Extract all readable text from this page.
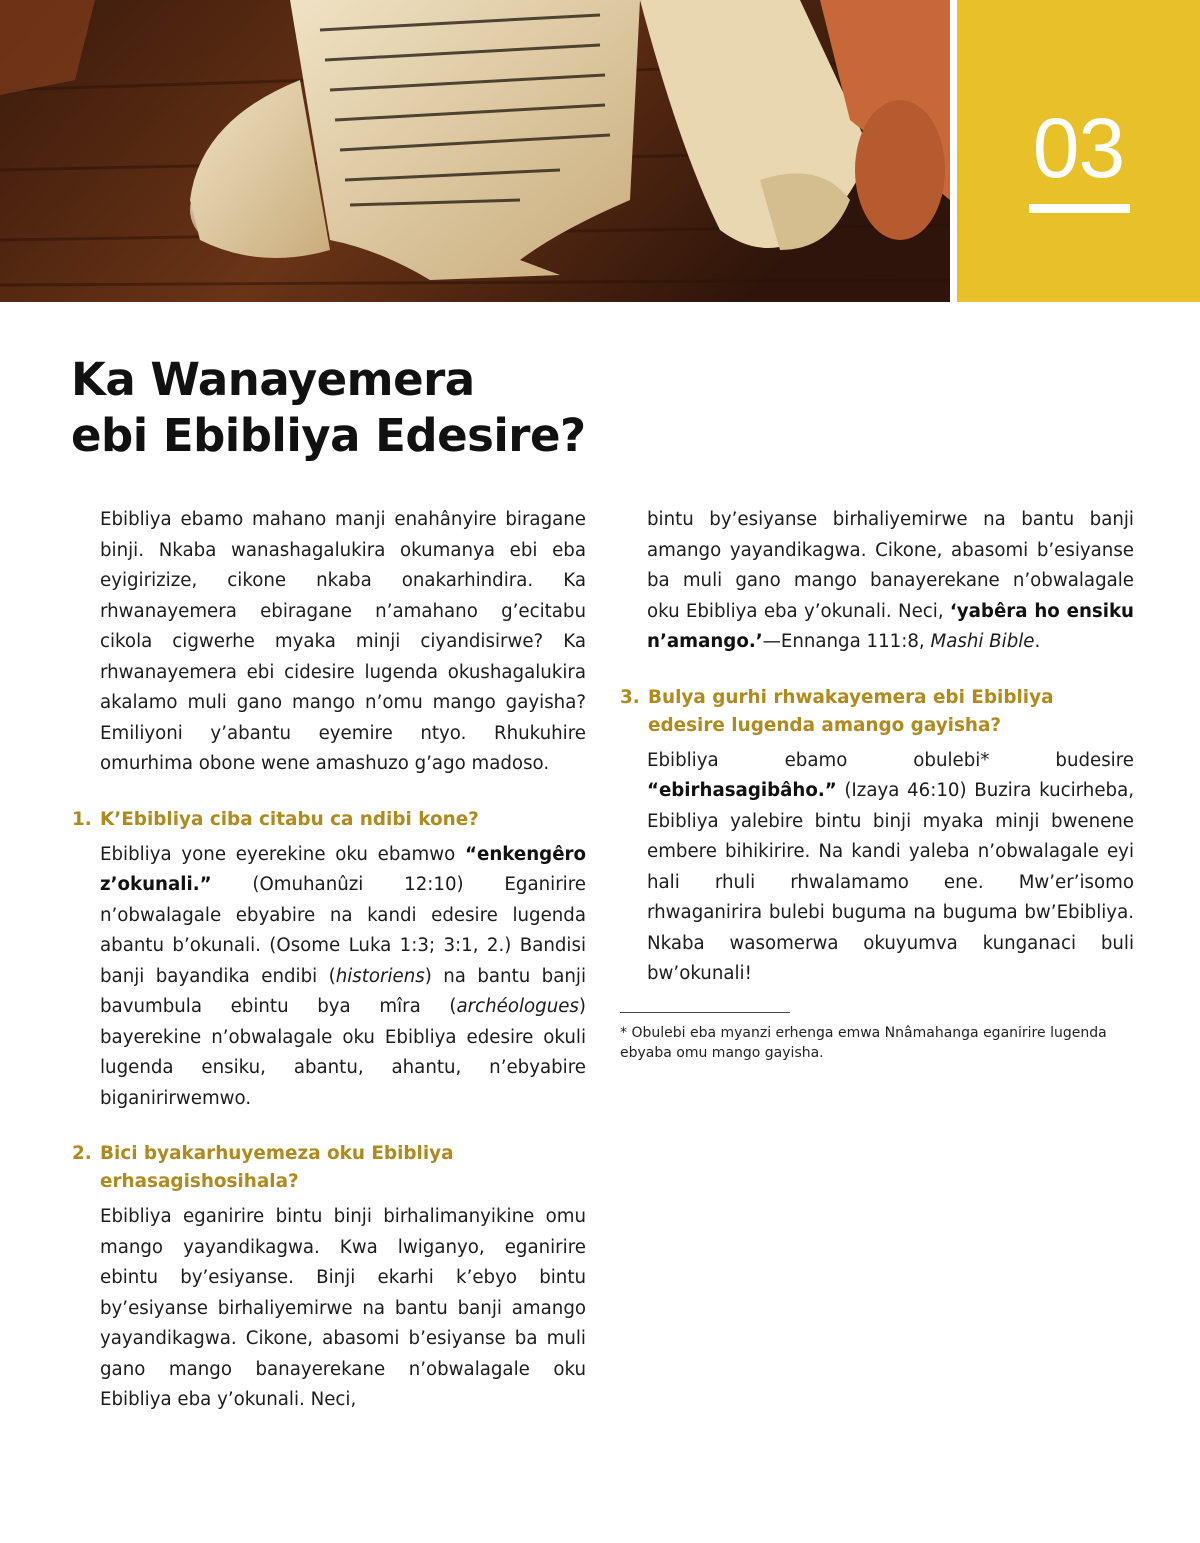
03
Ka Wanayemera
ebi Ebibliya Edesire?

Ebibliya ebamo mahano manji enahânyire biragane binji. Nkaba wanashagalukira okumanya ebi eba eyigirizize, cikone nkaba onakarhindira. Ka rhwanayemera ebiragane n’amahano g’ecitabu cikola cigwerhe myaka minji ciyandisirwe? Ka rhwanayemera ebi cidesire lugenda okushagalukira akalamo muli gano mango n’omu mango gayisha? Emiliyoni y’abantu eyemire ntyo. Rhukuhire omurhima obone wene amashuzo g’ago madoso.

1. K’Ebibliya ciba citabu ca ndibi kone?

Ebibliya yone eyerekine oku ebamwo “enkengêro z’okunali.” (Omuhanûzi 12:10) Eganirire n’obwalagale ebyabire na kandi edesire lugenda abantu b’okunali. (Osome Luka 1:3; 3:1, 2.) Bandisi banji bayandika endibi (historiens) na bantu banji bavumbula ebintu bya mîra (archéologues) bayerekine n’obwalagale oku Ebibliya edesire okuli lugenda ensiku, abantu, ahantu, n’ebyabire biganirirwemwo.

2. Bici byakarhuyemeza oku Ebibliya erhasagishosihala?

Ebibliya eganirire bintu binji birhalimanyikine omu mango yayandikagwa. Kwa lwiganyo, eganirire ebintu by’esiyanse. Binji ekarhi k’ebyo bintu by’esiyanse birhaliyemirwe na bantu banji amango yayandikagwa. Cikone, abasomi b’esiyanse ba muli gano mango banayerekane n’obwalagale oku Ebibliya eba y’okunali. Neci,

bintu by’esiyanse birhaliyemirwe na bantu banji amango yayandikagwa. Cikone, abasomi b’esiyanse ba muli gano mango banayerekane n’obwalagale oku Ebibliya eba y’okunali. Neci, ‘yabêra ho ensiku n’amango.’—Ennanga 111:8, Mashi Bible.

3. Bulya gurhi rhwakayemera ebi Ebibliya edesire lugenda amango gayisha?

Ebibliya ebamo obulebi* budesire “ebirhasagibâho.” (Izaya 46:10) Buzira kucirheba, Ebibliya yalebire bintu binji myaka minji bwenene embere bihikirire. Na kandi yaleba n’obwalagale eyi hali rhuli rhwalamamo ene. Mw’er’isomo rhwaganirira bulebi buguma na buguma bw’Ebibliya. Nkaba wasomerwa okuyumva kunganaci buli bw’okunali!

* Obulebi eba myanzi erhenga emwa Nnâmahanga eganirire lugenda ebyaba omu mango gayisha.
